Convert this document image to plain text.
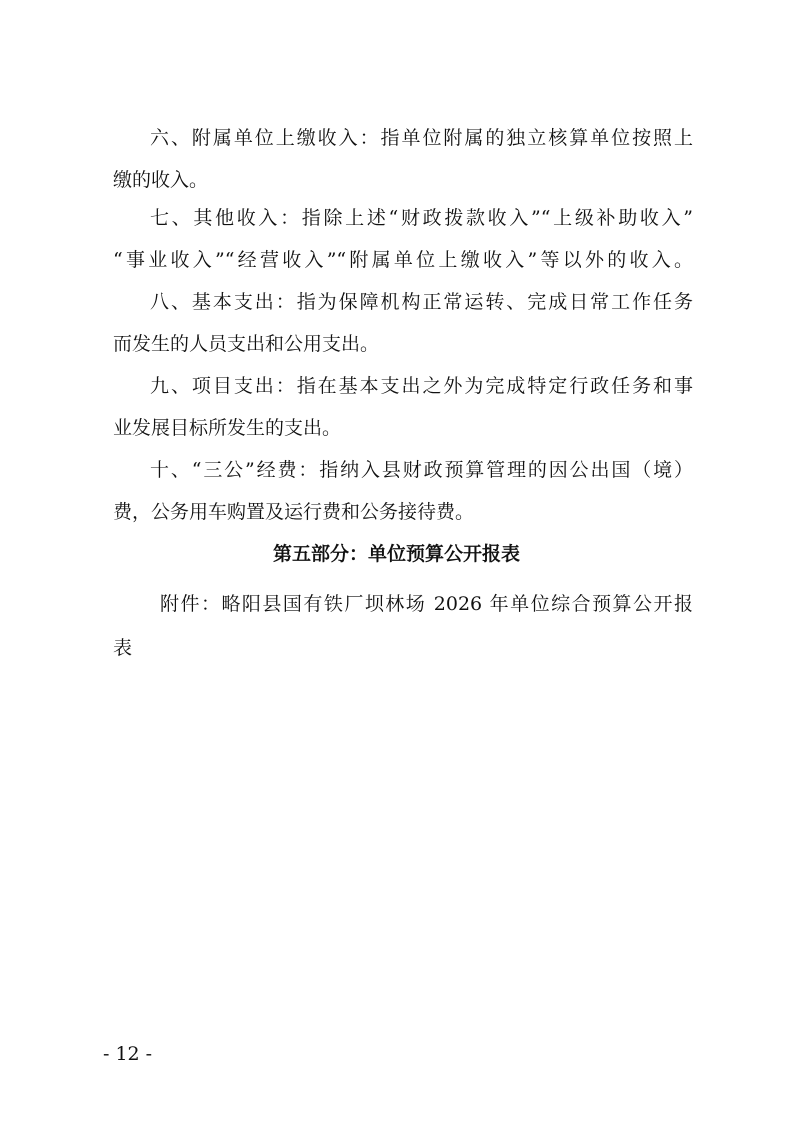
六、附属单位上缴收入：指单位附属的独立核算单位按照上

缴的收入。

七、其他收入：指除上述“财政拨款收入”“上级补助收入”

“事业收入”“经营收入”“附属单位上缴收入”等以外的收入。

八、基本支出：指为保障机构正常运转、完成日常工作任务

而发生的人员支出和公用支出。

九、项目支出：指在基本支出之外为完成特定行政任务和事

业发展目标所发生的支出。

十、“三公”经费：指纳入县财政预算管理的因公出国（境）

费，公务用车购置及运行费和公务接待费。

第五部分：单位预算公开报表

附件：略阳县国有铁厂坝林场 2026 年单位综合预算公开报

表

- 12 -
